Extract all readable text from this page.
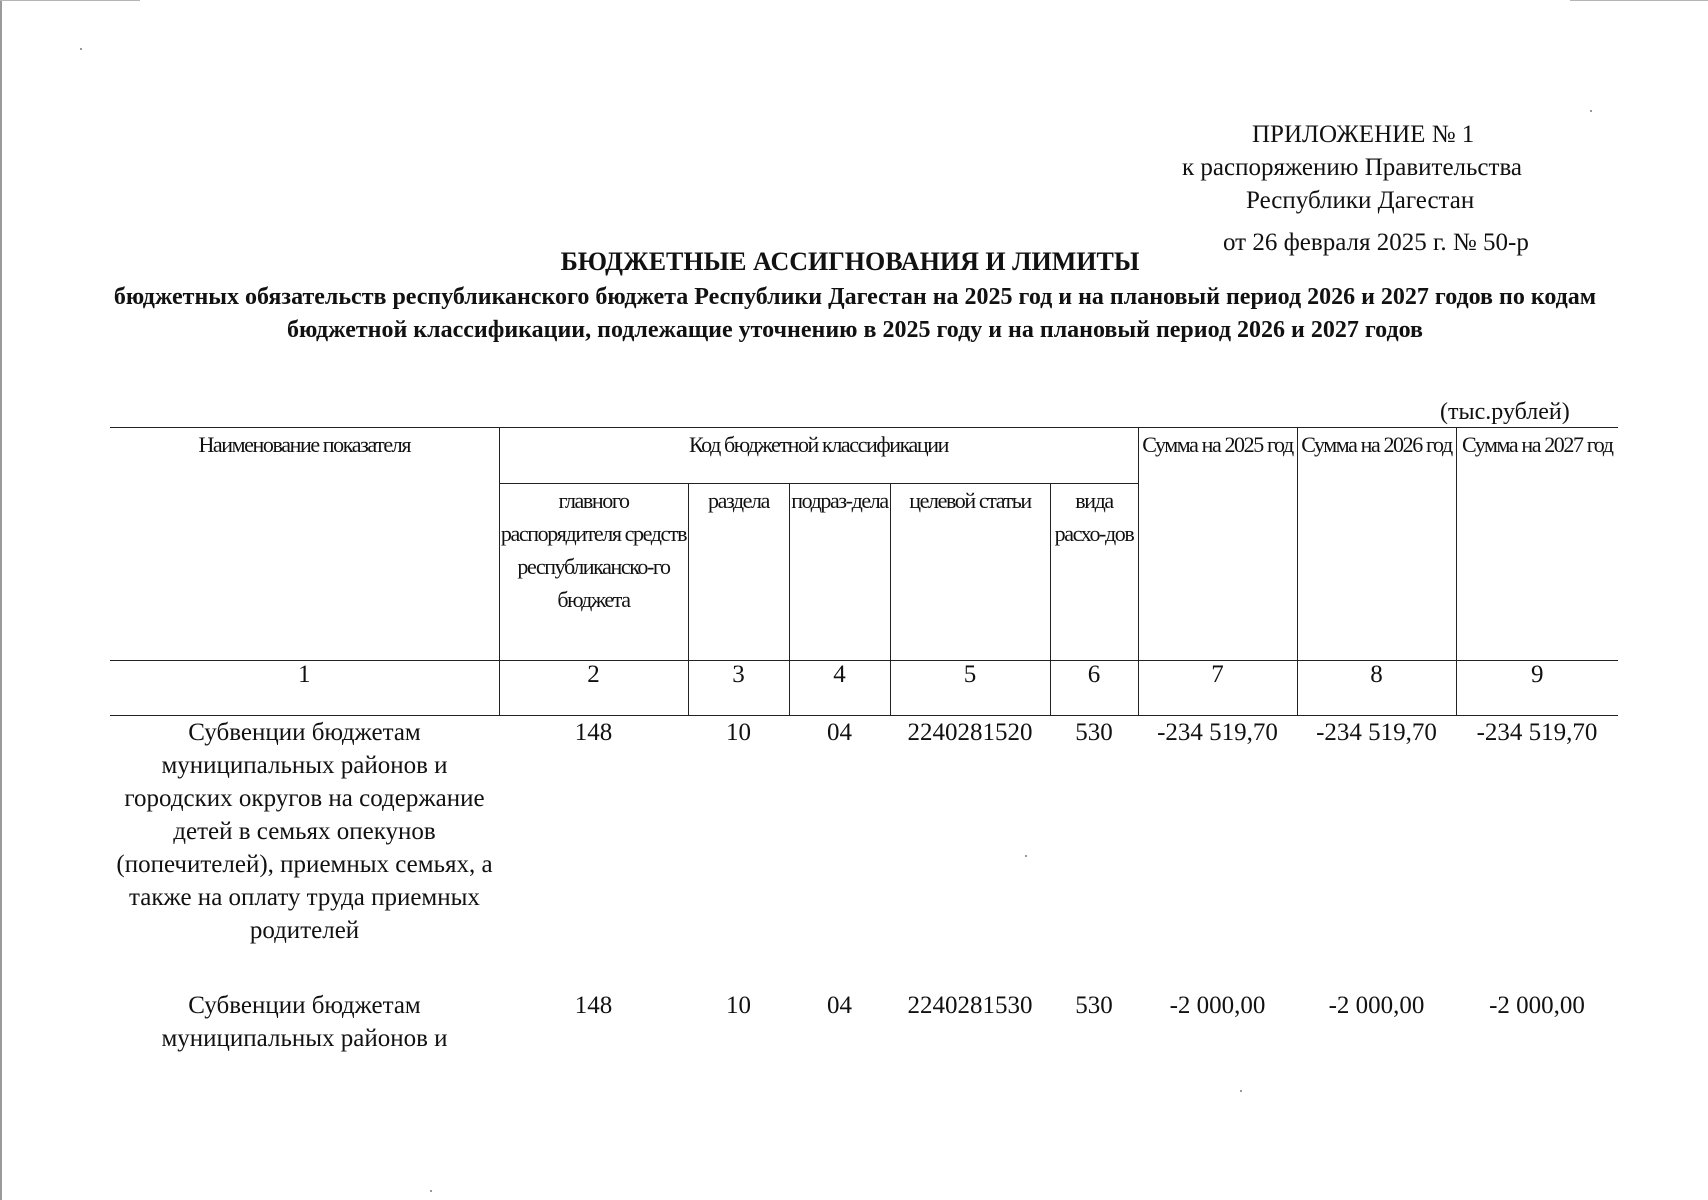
ПРИЛОЖЕНИЕ № 1
к распоряжению Правительства
Республики Дагестан
от 26 февраля 2025 г. № 50-р
БЮДЖЕТНЫЕ АССИГНОВАНИЯ И ЛИМИТЫ
бюджетных обязательств республиканского бюджета Республики Дагестан на 2025 год и на плановый период 2026 и 2027 годов по кодам бюджетной классификации, подлежащие уточнению в 2025 году и на плановый период 2026 и 2027 годов
(тыс.рублей)
Наименование показателя	Код бюджетной классификации					Сумма на 2025 год	Сумма на 2026 год	Сумма на 2027 год
	главного распорядителя средств республиканско-го бюджета	раздела	подраз-дела	целевой статьи	вида расхо-дов			
1	2	3	4	5	6	7	8	9
Субвенции бюджетам муниципальных районов и городских округов на содержание детей в семьях опекунов (попечителей), приемных семьях, а также на оплату труда приемных родителей	148	10	04	2240281520	530	-234 519,70	-234 519,70	-234 519,70
Субвенции бюджетам муниципальных районов и	148	10	04	2240281530	530	-2 000,00	-2 000,00	-2 000,00
